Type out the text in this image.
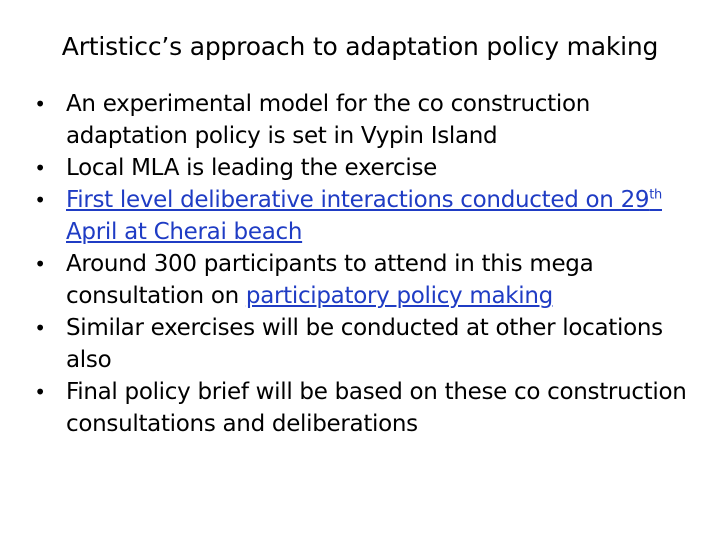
Artisticc’s approach to adaptation policy making
• An experimental model for the co construction adaptation policy is set in Vypin Island
• Local MLA is leading the exercise
• First level deliberative interactions conducted on 29th April at Cherai beach
• Around 300 participants to attend in this mega consultation on participatory policy making
• Similar exercises will be conducted at other locations also
• Final policy brief will be based on these co construction consultations and deliberations
